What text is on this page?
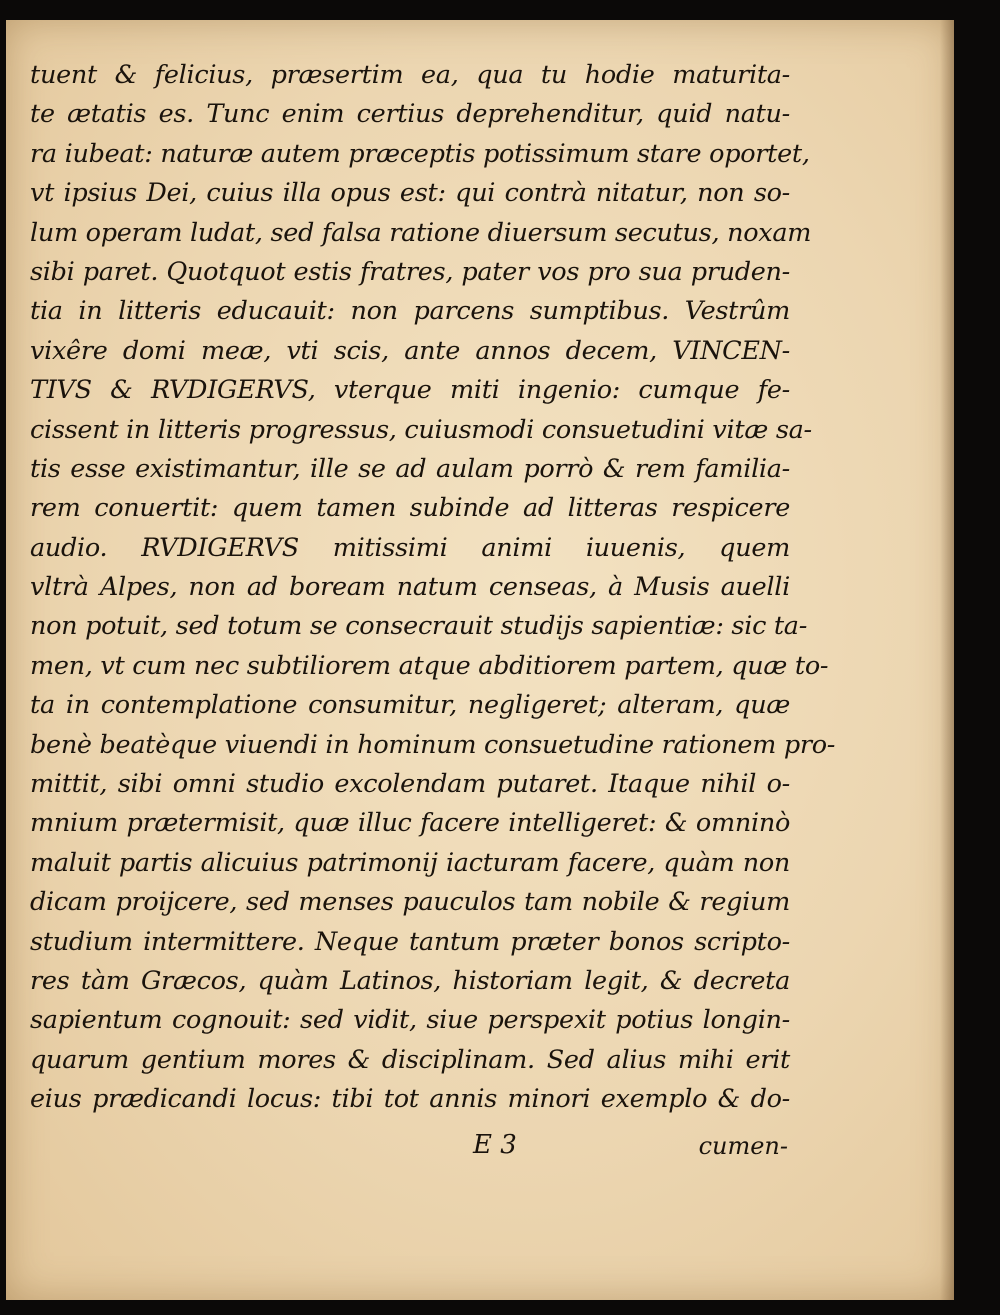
tuent & felicius, præsertim ea, qua tu hodie maturita-
te ætatis es. Tunc enim certius deprehenditur, quid natu-
ra iubeat: naturæ autem præceptis potissimum stare oportet,
vt ipsius Dei, cuius illa opus est: qui contrà nitatur, non so-
lum operam ludat, sed falsa ratione diuersum secutus, noxam
sibi paret. Quotquot estis fratres, pater vos pro sua pruden-
tia in litteris educauit: non parcens sumptibus. Vestrûm
vixêre domi meæ, vti scis, ante annos decem, VINCEN-
TIVS & RVDIGERVS, vterque miti ingenio: cumque fe-
cissent in litteris progressus, cuiusmodi consuetudini vitæ sa-
tis esse existimantur, ille se ad aulam porrò & rem familia-
rem conuertit: quem tamen subinde ad litteras respicere
audio. RVDIGERVS mitissimi animi iuuenis, quem
vltrà Alpes, non ad boream natum censeas, à Musis auelli
non potuit, sed totum se consecrauit studijs sapientiæ: sic ta-
men, vt cum nec subtiliorem atque abditiorem partem, quæ to-
ta in contemplatione consumitur, negligeret; alteram, quæ
benè beatèque viuendi in hominum consuetudine rationem pro-
mittit, sibi omni studio excolendam putaret. Itaque nihil o-
mnium prætermisit, quæ illuc facere intelligeret: & omninò
maluit partis alicuius patrimonij iacturam facere, quàm non
dicam proijcere, sed menses pauculos tam nobile & regium
studium intermittere. Neque tantum præter bonos scripto-
res tàm Græcos, quàm Latinos, historiam legit, & decreta
sapientum cognouit: sed vidit, siue perspexit potius longin-
quarum gentium mores & disciplinam. Sed alius mihi erit
eius prædicandi locus: tibi tot annis minori exemplo & do-
E 3	cumen-
